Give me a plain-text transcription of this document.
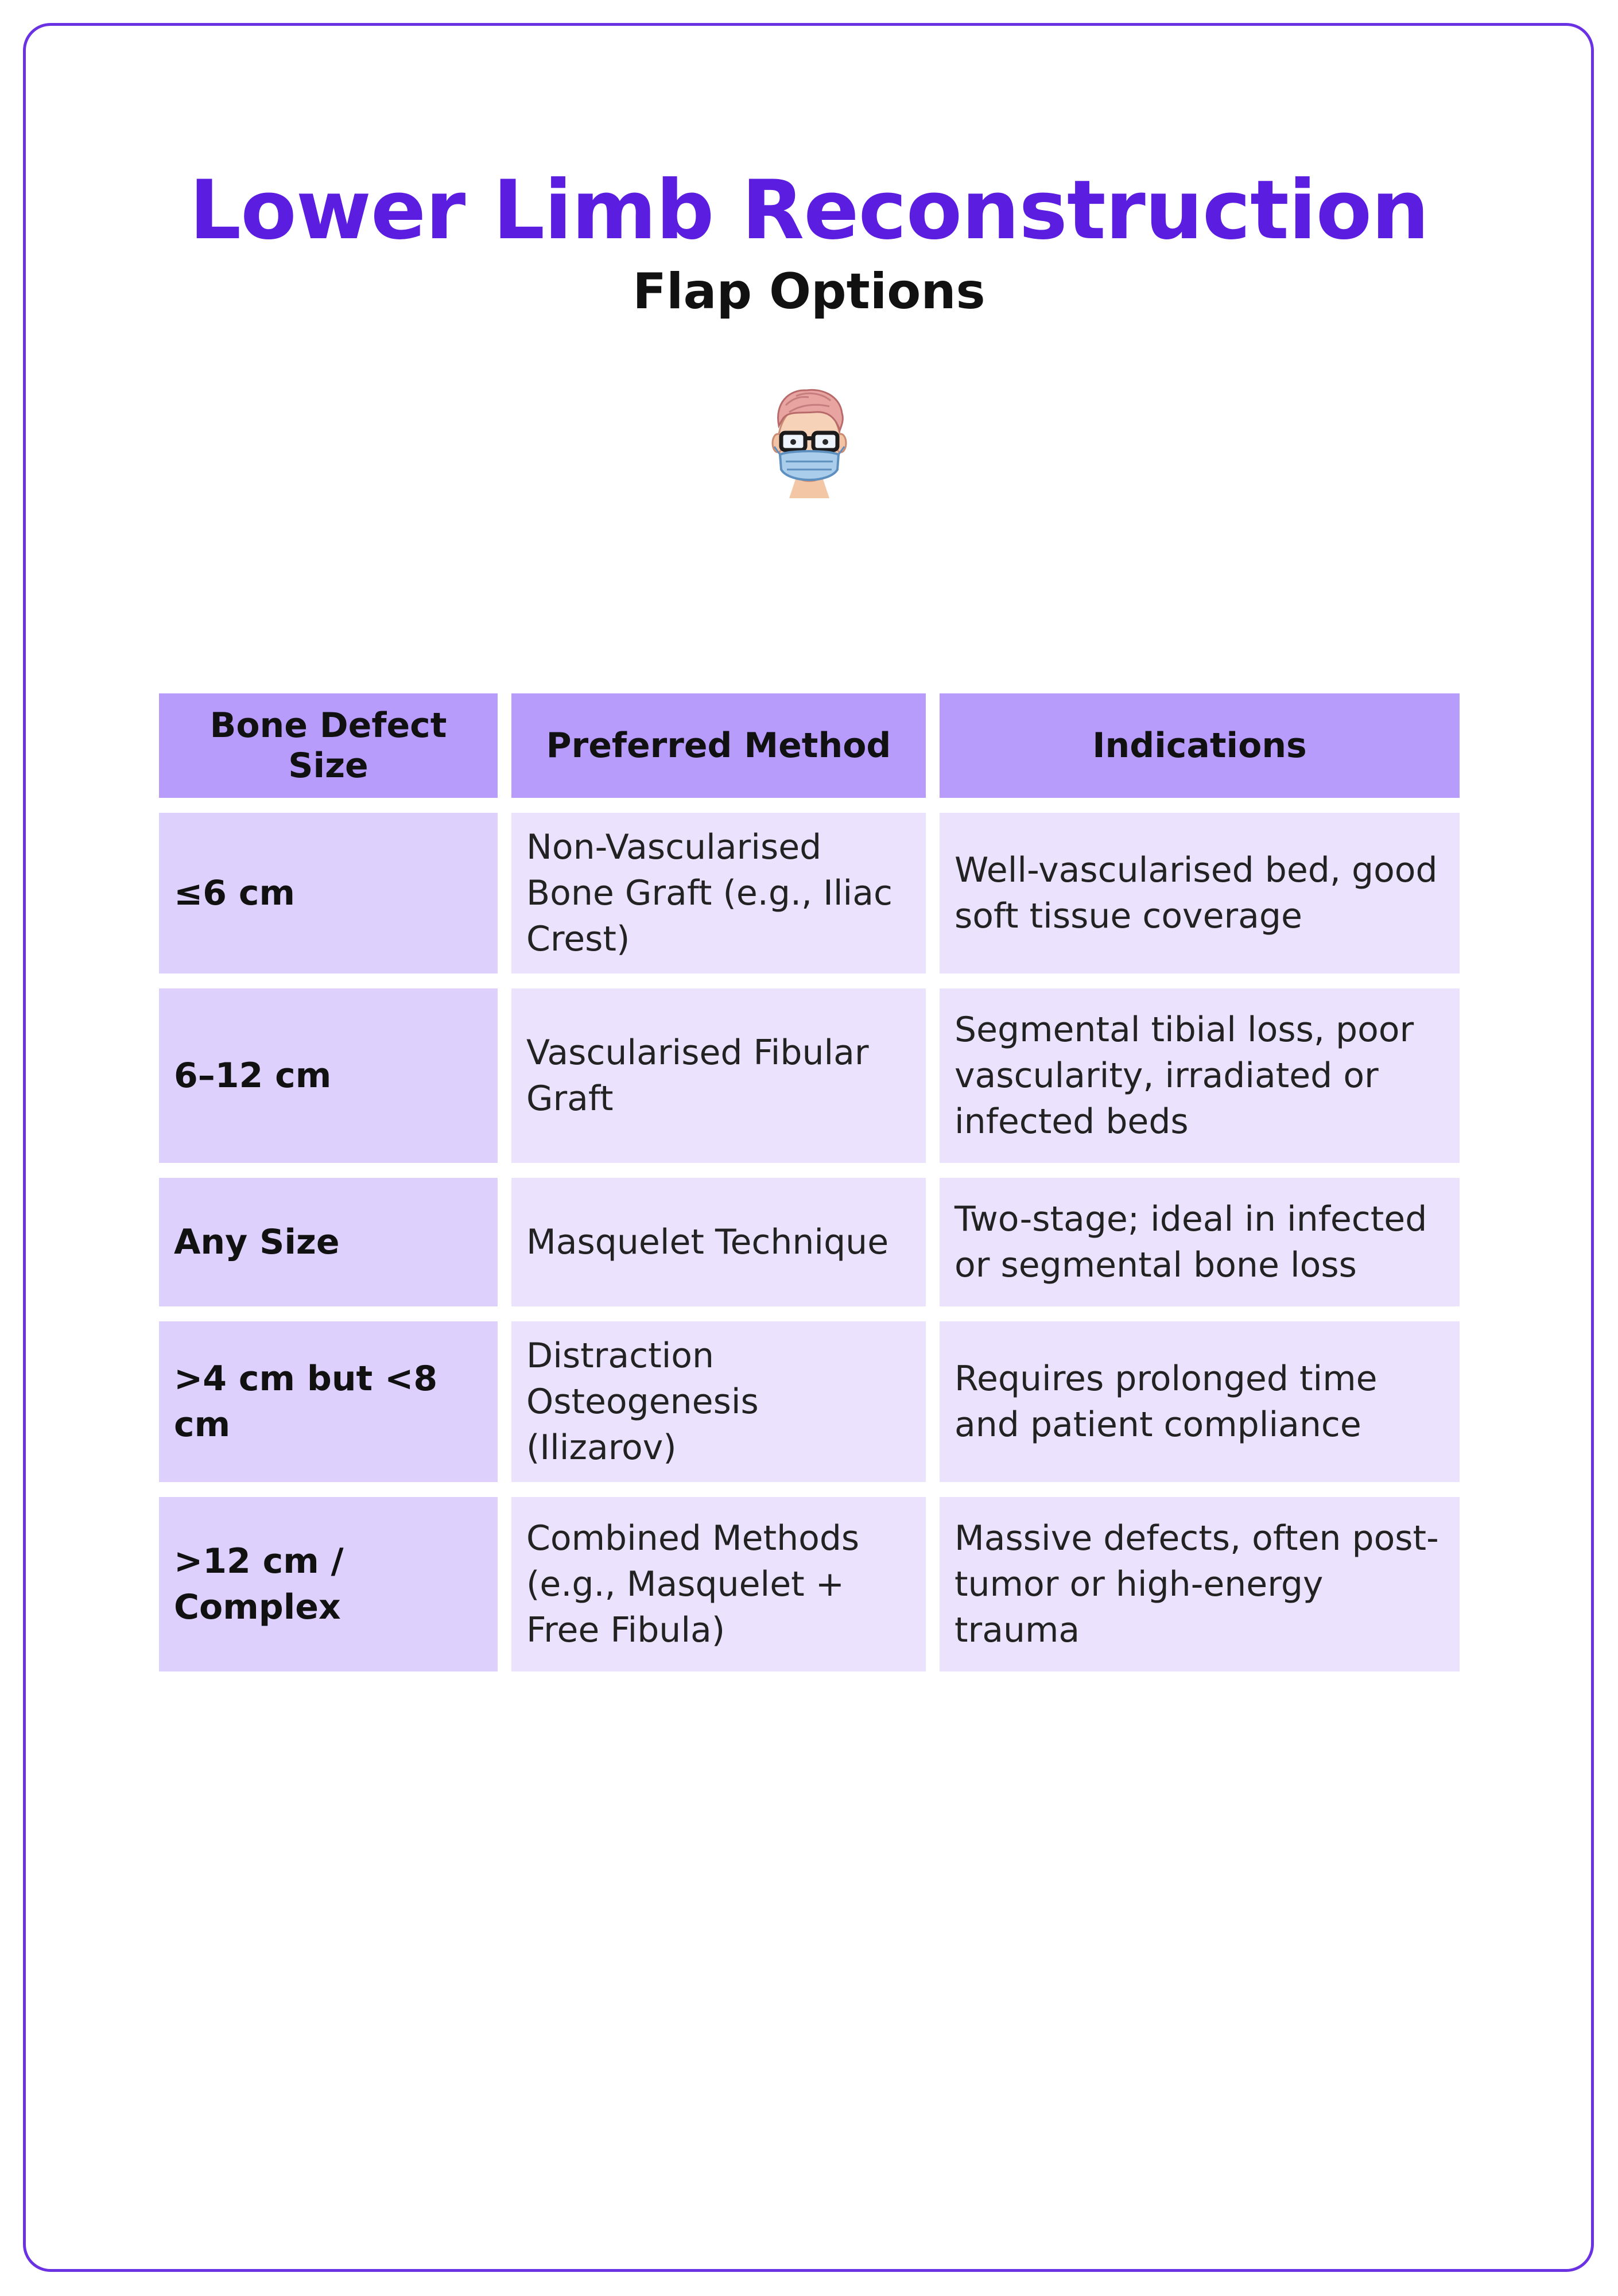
Lower Limb Reconstruction
Flap Options
Bone Defect Size	Preferred Method	Indications
≤6 cm	Non-Vascularised Bone Graft (e.g., Iliac Crest)	Well-vascularised bed, good soft tissue coverage
6–12 cm	Vascularised Fibular Graft	Segmental tibial loss, poor vascularity, irradiated or infected beds
Any Size	Masquelet Technique	Two-stage; ideal in infected or segmental bone loss
>4 cm but <8 cm	Distraction Osteogenesis (Ilizarov)	Requires prolonged time and patient compliance
>12 cm / Complex	Combined Methods (e.g., Masquelet + Free Fibula)	Massive defects, often post-tumor or high-energy trauma
